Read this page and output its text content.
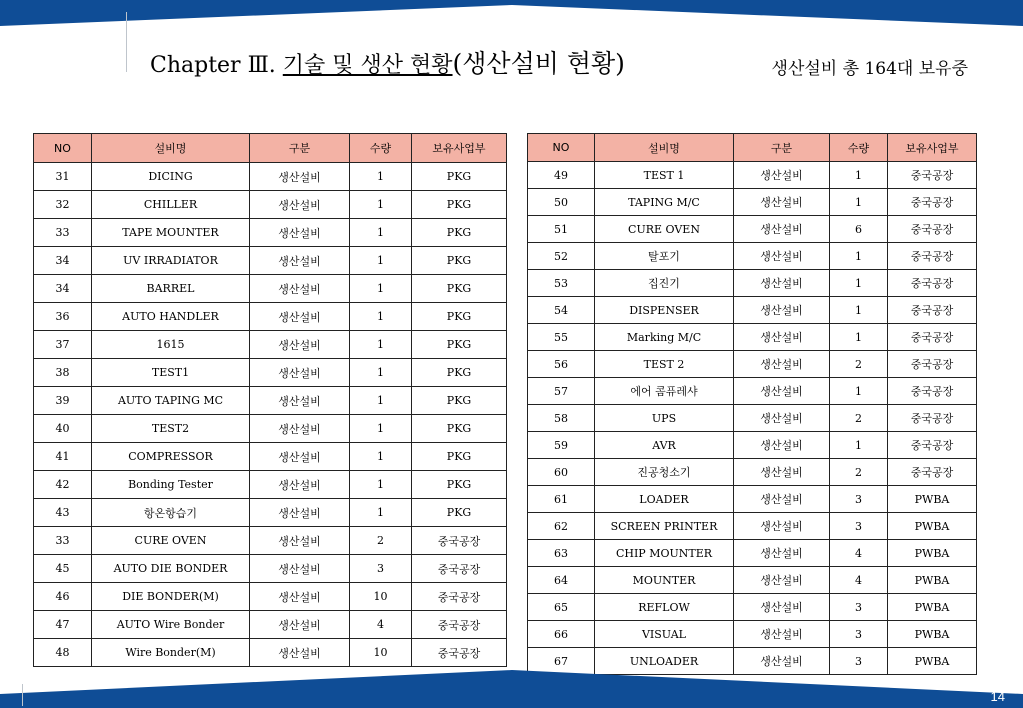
Chapter Ⅲ. 기술 및 생산 현황(생산설비 현황)	생산설비 총 164대 보유중
NO	설비명	구분	수량	보유사업부
31	DICING	생산설비	1	PKG
32	CHILLER	생산설비	1	PKG
33	TAPE MOUNTER	생산설비	1	PKG
34	UV IRRADIATOR	생산설비	1	PKG
34	BARREL	생산설비	1	PKG
36	AUTO HANDLER	생산설비	1	PKG
37	1615	생산설비	1	PKG
38	TEST1	생산설비	1	PKG
39	AUTO TAPING MC	생산설비	1	PKG
40	TEST2	생산설비	1	PKG
41	COMPRESSOR	생산설비	1	PKG
42	Bonding Tester	생산설비	1	PKG
43	항온항습기	생산설비	1	PKG
33	CURE OVEN	생산설비	2	중국공장
45	AUTO DIE BONDER	생산설비	3	중국공장
46	DIE BONDER(M)	생산설비	10	중국공장
47	AUTO Wire Bonder	생산설비	4	중국공장
48	Wire Bonder(M)	생산설비	10	중국공장
NO	설비명	구분	수량	보유사업부
49	TEST 1	생산설비	1	중국공장
50	TAPING M/C	생산설비	1	중국공장
51	CURE OVEN	생산설비	6	중국공장
52	탈포기	생산설비	1	중국공장
53	집진기	생산설비	1	중국공장
54	DISPENSER	생산설비	1	중국공장
55	Marking M/C	생산설비	1	중국공장
56	TEST 2	생산설비	2	중국공장
57	에어 콤퓨레샤	생산설비	1	중국공장
58	UPS	생산설비	2	중국공장
59	AVR	생산설비	1	중국공장
60	진공청소기	생산설비	2	중국공장
61	LOADER	생산설비	3	PWBA
62	SCREEN PRINTER	생산설비	3	PWBA
63	CHIP MOUNTER	생산설비	4	PWBA
64	MOUNTER	생산설비	4	PWBA
65	REFLOW	생산설비	3	PWBA
66	VISUAL	생산설비	3	PWBA
67	UNLOADER	생산설비	3	PWBA
14
